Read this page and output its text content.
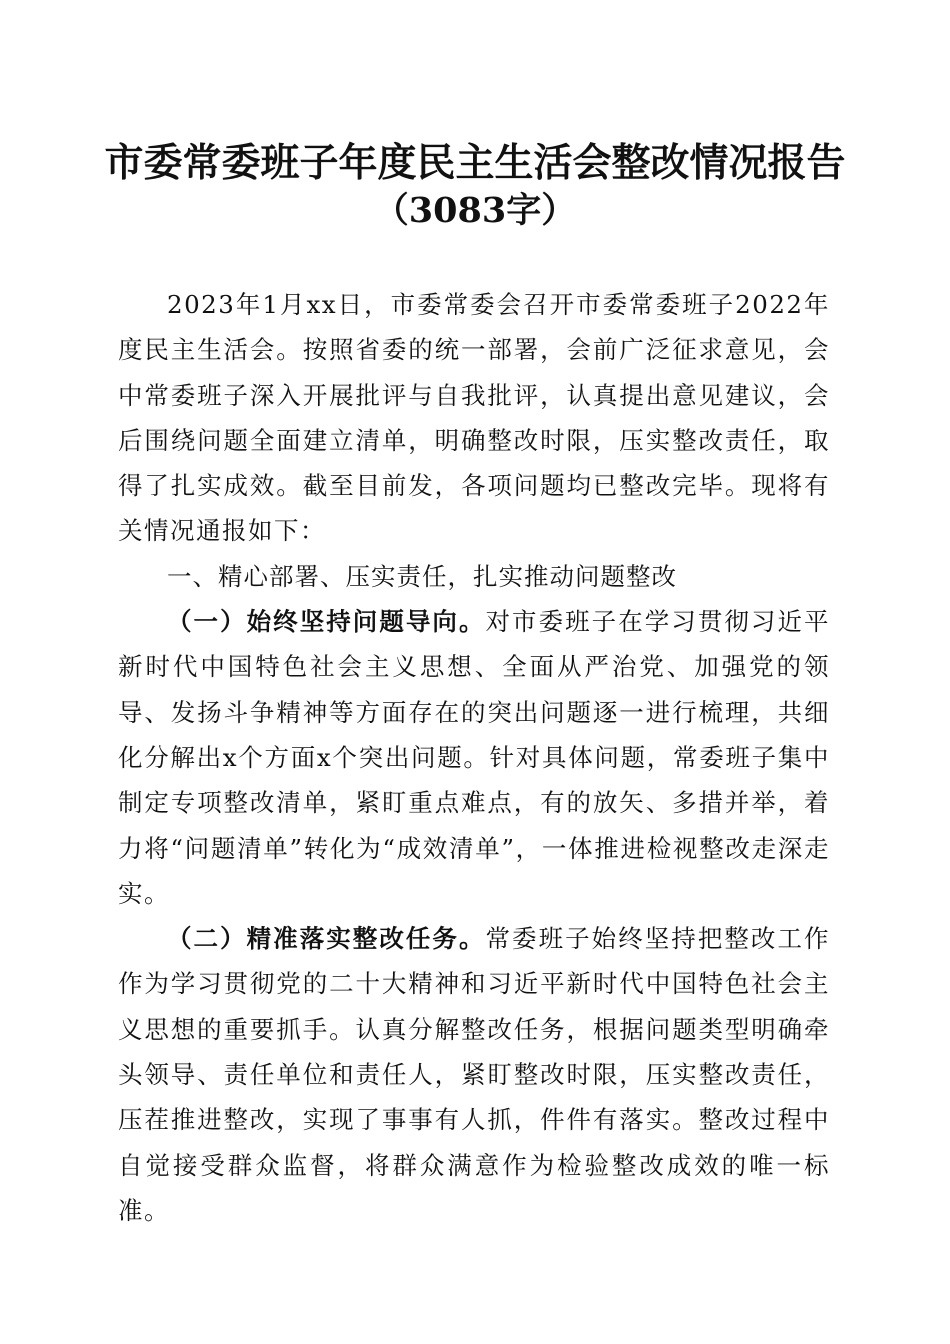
市委常委班子年度民主生活会整改情况报告

（3083字）

2023年1月xx日，市委常委会召开市委常委班子2022年度民主生活会。按照省委的统一部署，会前广泛征求意见，会中常委班子深入开展批评与自我批评，认真提出意见建议，会后围绕问题全面建立清单，明确整改时限，压实整改责任，取得了扎实成效。截至目前发，各项问题均已整改完毕。现将有关情况通报如下：

一、精心部署、压实责任，扎实推动问题整改

（一）始终坚持问题导向。对市委班子在学习贯彻习近平新时代中国特色社会主义思想、全面从严治党、加强党的领导、发扬斗争精神等方面存在的突出问题逐一进行梳理，共细化分解出x个方面x个突出问题。针对具体问题，常委班子集中制定专项整改清单，紧盯重点难点，有的放矢、多措并举，着力将“问题清单”转化为“成效清单”，一体推进检视整改走深走实。

（二）精准落实整改任务。常委班子始终坚持把整改工作作为学习贯彻党的二十大精神和习近平新时代中国特色社会主义思想的重要抓手。认真分解整改任务，根据问题类型明确牵头领导、责任单位和责任人，紧盯整改时限，压实整改责任，压茬推进整改，实现了事事有人抓，件件有落实。整改过程中自觉接受群众监督，将群众满意作为检验整改成效的唯一标准。
